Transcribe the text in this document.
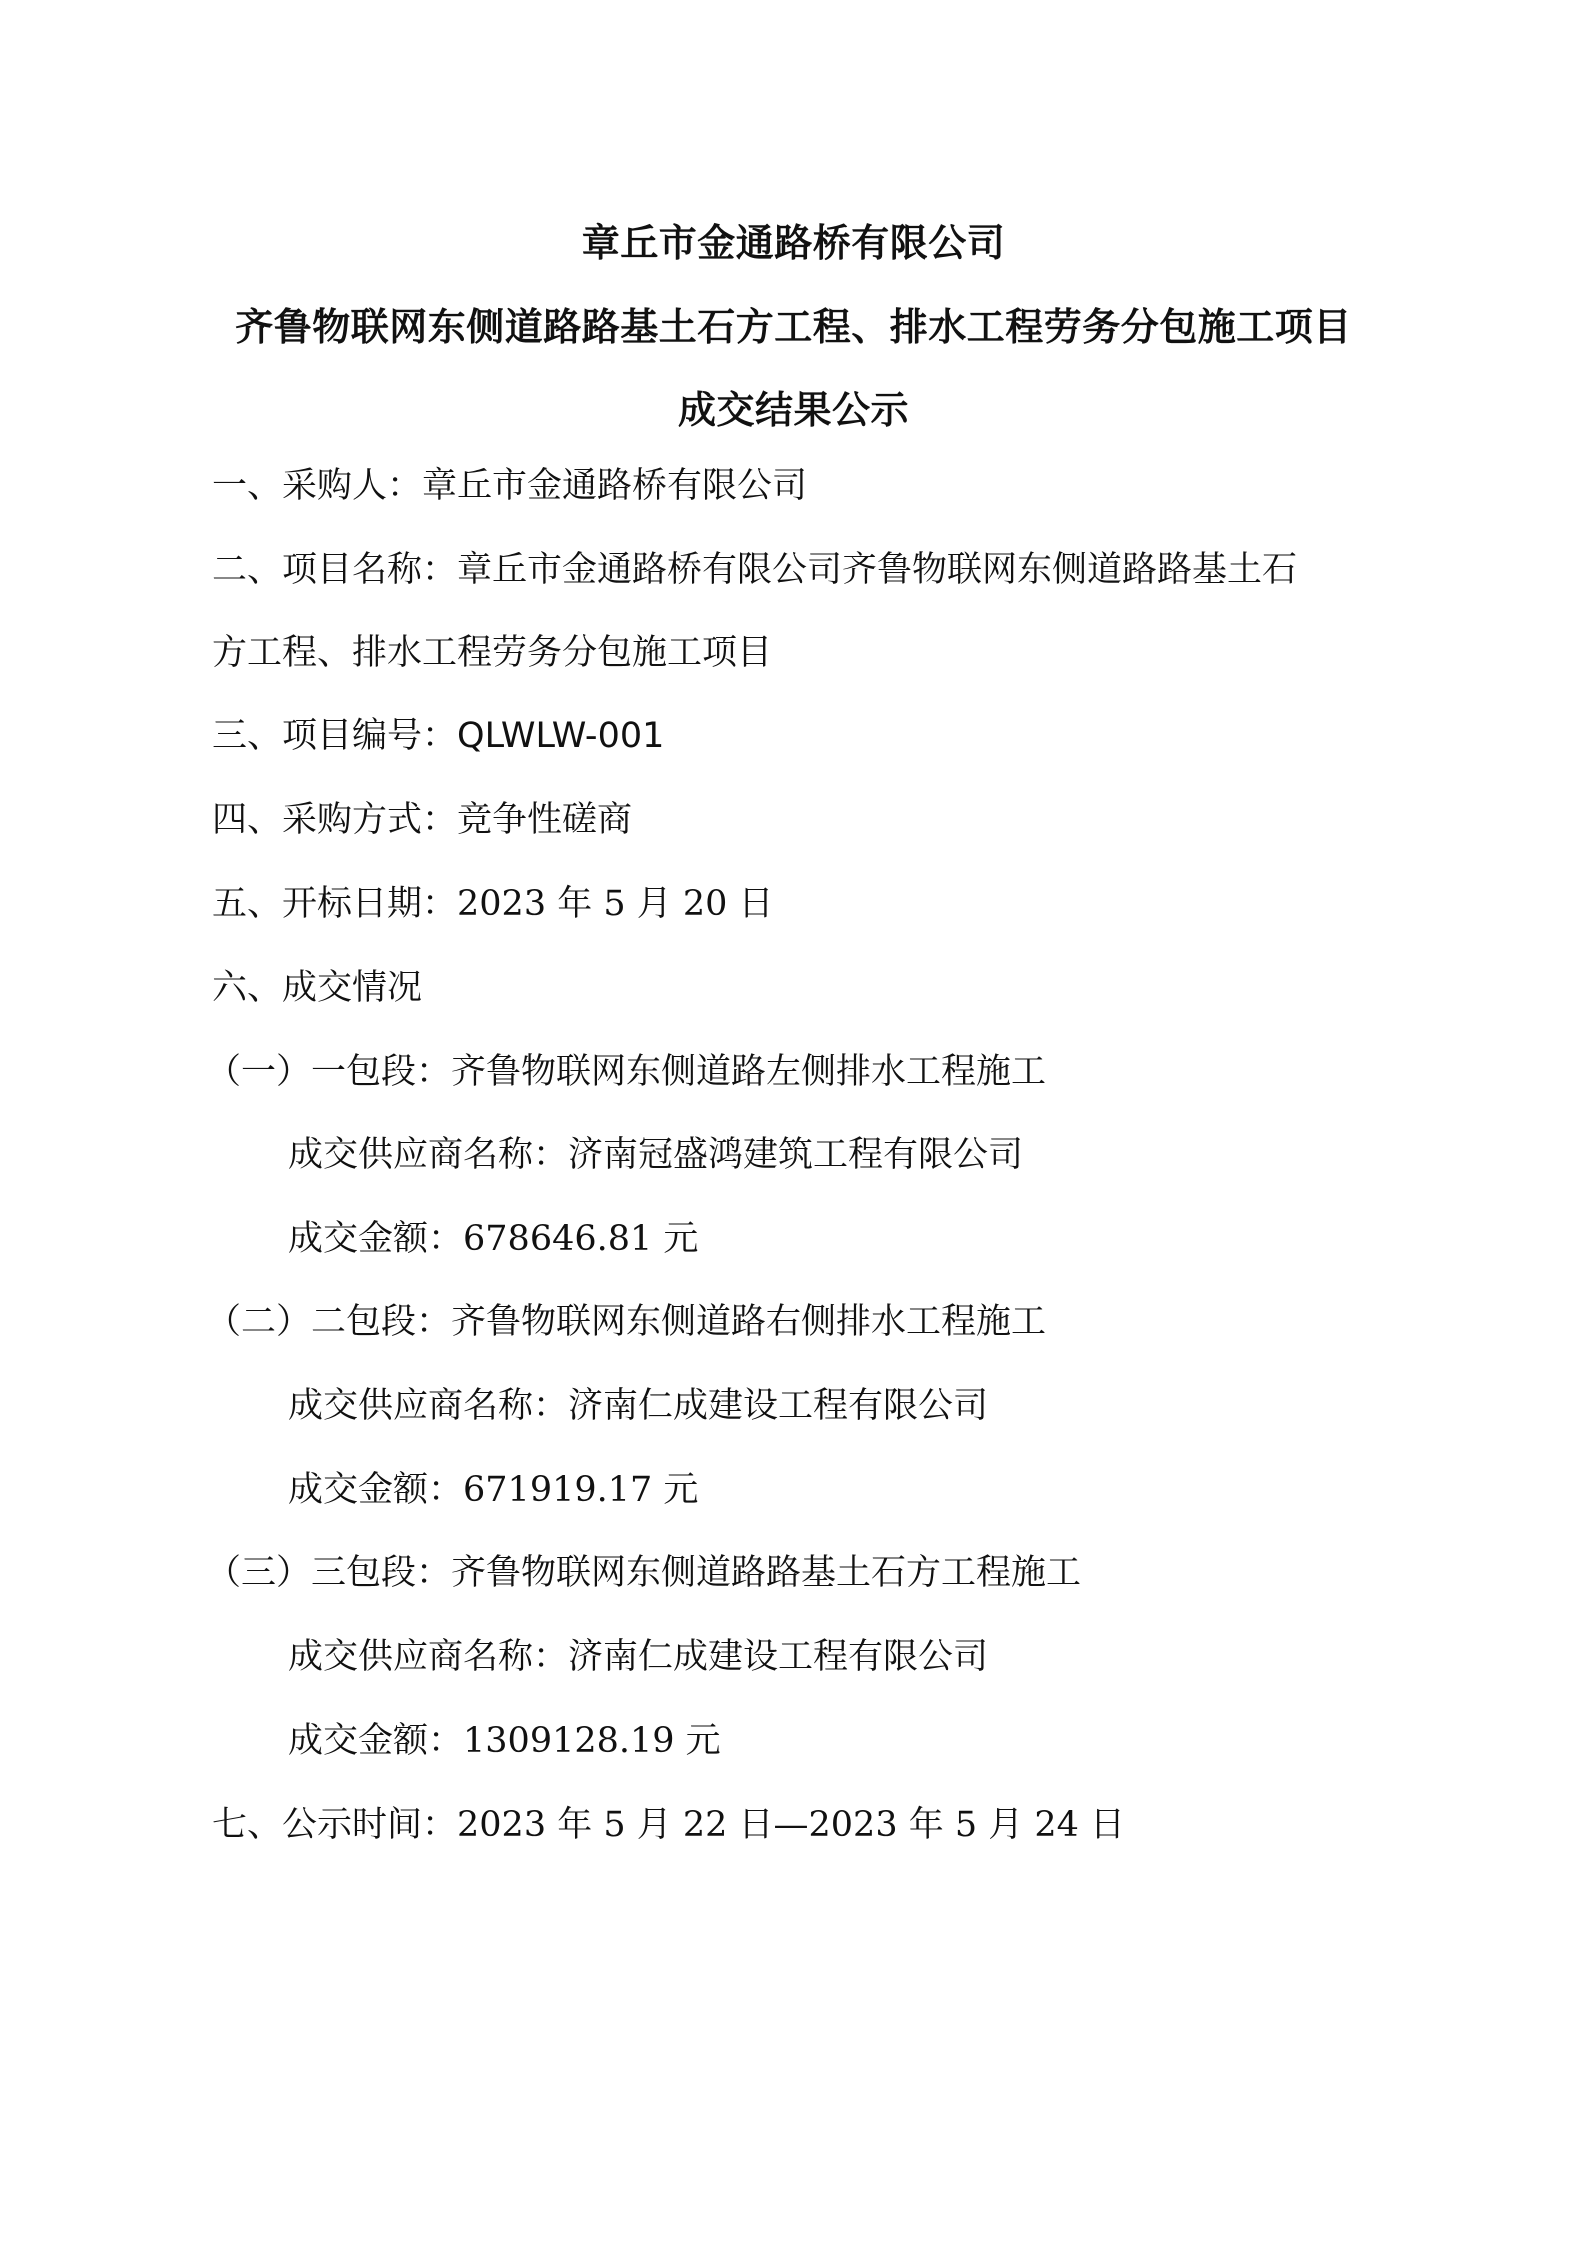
章丘市金通路桥有限公司
齐鲁物联网东侧道路路基土石方工程、排水工程劳务分包施工项目
成交结果公示
一、采购人：章丘市金通路桥有限公司
二、项目名称：章丘市金通路桥有限公司齐鲁物联网东侧道路路基土石
方工程、排水工程劳务分包施工项目
三、项目编号：QLWLW-001
四、采购方式：竞争性磋商
五、开标日期：2023 年 5 月 20 日
六、成交情况
（一）一包段：齐鲁物联网东侧道路左侧排水工程施工
成交供应商名称：济南冠盛鸿建筑工程有限公司
成交金额：678646.81 元
（二）二包段：齐鲁物联网东侧道路右侧排水工程施工
成交供应商名称：济南仁成建设工程有限公司
成交金额：671919.17 元
（三）三包段：齐鲁物联网东侧道路路基土石方工程施工
成交供应商名称：济南仁成建设工程有限公司
成交金额：1309128.19 元
七、公示时间：2023 年 5 月 22 日—2023 年 5 月 24 日
